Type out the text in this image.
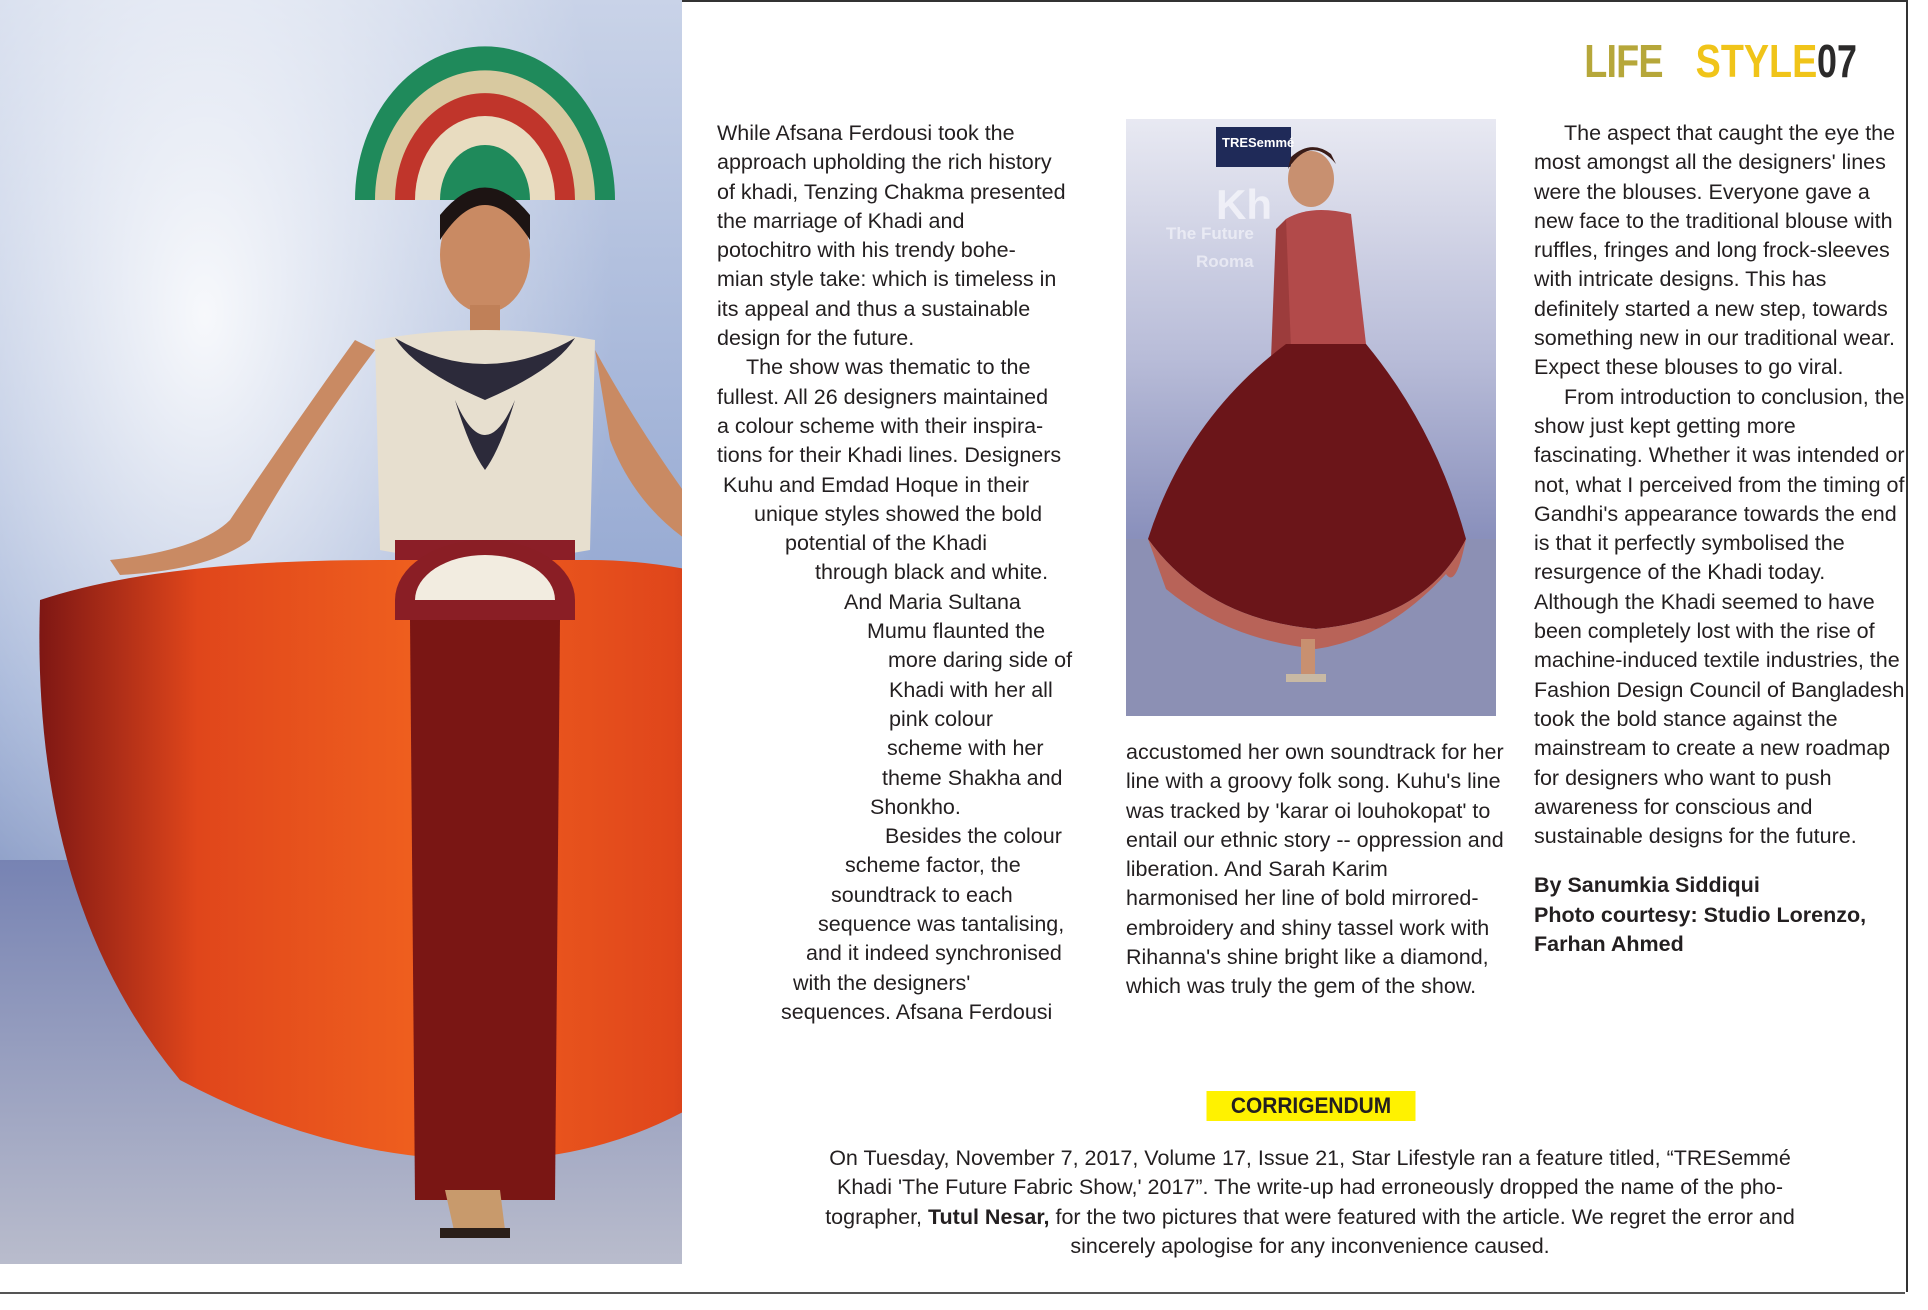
LIFE STYLE 07
While Afsana Ferdousi took the
approach upholding the rich history
of khadi, Tenzing Chakma presented
the marriage of Khadi and
potochitro with his trendy bohe-
mian style take: which is timeless in
its appeal and thus a sustainable
design for the future.
The show was thematic to the
fullest. All 26 designers maintained
a colour scheme with their inspira-
tions for their Khadi lines. Designers
Kuhu and Emdad Hoque in their
unique styles showed the bold
potential of the Khadi
through black and white.
And Maria Sultana
Mumu flaunted the
more daring side of
Khadi with her all
pink colour
scheme with her
theme Shakha and
Shonkho.
Besides the colour
scheme factor, the
soundtrack to each
sequence was tantalising,
and it indeed synchronised
with the designers'
sequences. Afsana Ferdousi
TRESemmé
Kh
The Future
Rooma

accustomed her own soundtrack for her line with a groovy folk song. Kuhu's line was tracked by 'karar oi louhokopat' to entail our ethnic story -- oppression and liberation. And Sarah Karim harmonised her line of bold mirrored-embroidery and shiny tassel work with Rihanna's shine bright like a diamond, which was truly the gem of the show.

The aspect that caught the eye the most amongst all the designers' lines were the blouses. Everyone gave a new face to the traditional blouse with ruffles, fringes and long frock-sleeves with intricate designs. This has definitely started a new step, towards something new in our traditional wear. Expect these blouses to go viral.

From introduction to conclusion, the show just kept getting more fascinating. Whether it was intended or not, what I perceived from the timing of Gandhi's appearance towards the end is that it perfectly symbolised the resurgence of the Khadi today. Although the Khadi seemed to have been completely lost with the rise of machine-induced textile industries, the Fashion Design Council of Bangladesh took the bold stance against the mainstream to create a new roadmap for designers who want to push awareness for conscious and sustainable designs for the future.

By Sanumkia Siddiqui
Photo courtesy: Studio Lorenzo,
Farhan Ahmed
CORRIGENDUM
On Tuesday, November 7, 2017, Volume 17, Issue 21, Star Lifestyle ran a feature titled, “TRESemmé Khadi 'The Future Fabric Show,' 2017”. The write-up had erroneously dropped the name of the pho-tographer, Tutul Nesar, for the two pictures that were featured with the article. We regret the error and sincerely apologise for any inconvenience caused.
